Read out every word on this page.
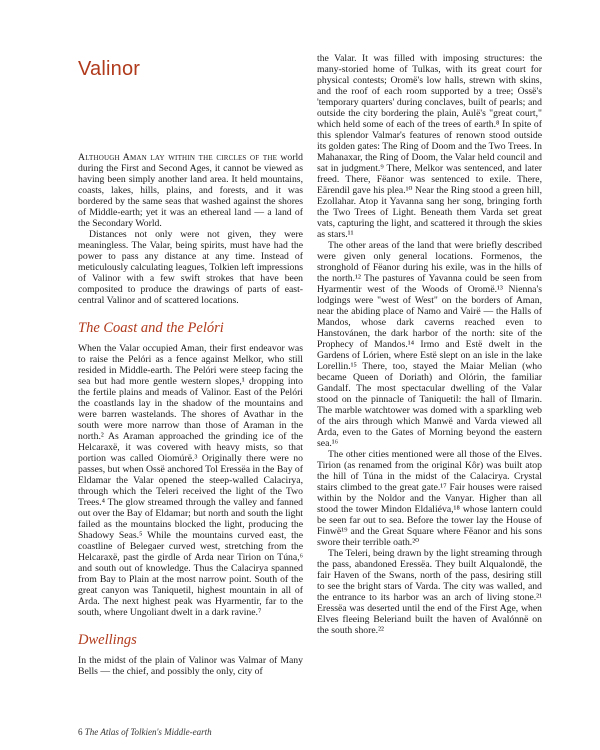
Valinor

Although Aman lay within the circles of the world during the First and Second Ages, it cannot be viewed as having been simply another land area. It held mountains, coasts, lakes, hills, plains, and forests, and it was bordered by the same seas that washed against the shores of Middle-earth; yet it was an ethereal land — a land of the Secondary World.

Distances not only were not given, they were meaningless. The Valar, being spirits, must have had the power to pass any distance at any time. Instead of meticulously calculating leagues, Tolkien left impressions of Valinor with a few swift strokes that have been composited to produce the drawings of parts of east-central Valinor and of scattered locations.

The Coast and the Pelóri

When the Valar occupied Aman, their first endeavor was to raise the Pelóri as a fence against Melkor, who still resided in Middle-earth. The Pelóri were steep facing the sea but had more gentle western slopes,¹ dropping into the fertile plains and meads of Valinor. East of the Pelóri the coastlands lay in the shadow of the mountains and were barren wastelands. The shores of Avathar in the south were more narrow than those of Araman in the north.² As Araman approached the grinding ice of the Helcaraxë, it was covered with heavy mists, so that portion was called Oiomúrë.³ Originally there were no passes, but when Ossë anchored Tol Eressëa in the Bay of Eldamar the Valar opened the steep-walled Calacirya, through which the Teleri received the light of the Two Trees.⁴ The glow streamed through the valley and fanned out over the Bay of Eldamar; but north and south the light failed as the mountains blocked the light, producing the Shadowy Seas.⁵ While the mountains curved east, the coastline of Belegaer curved west, stretching from the Helcaraxë, past the girdle of Arda near Tirion on Túna,⁶ and south out of knowledge. Thus the Calacirya spanned from Bay to Plain at the most narrow point. South of the great canyon was Taniquetil, highest mountain in all of Arda. The next highest peak was Hyarmentir, far to the south, where Ungoliant dwelt in a dark ravine.⁷

Dwellings

In the midst of the plain of Valinor was Valmar of Many Bells — the chief, and possibly the only, city of

the Valar. It was filled with imposing structures: the many-storied home of Tulkas, with its great court for physical contests; Oromë's low halls, strewn with skins, and the roof of each room supported by a tree; Ossë's 'temporary quarters' during conclaves, built of pearls; and outside the city bordering the plain, Aulë's "great court," which held some of each of the trees of earth.⁸ In spite of this splendor Valmar's features of renown stood outside its golden gates: The Ring of Doom and the Two Trees. In Mahanaxar, the Ring of Doom, the Valar held council and sat in judgment.⁹ There, Melkor was sentenced, and later freed. There, Fëanor was sentenced to exile. There, Eärendil gave his plea.¹⁰ Near the Ring stood a green hill, Ezollahar. Atop it Yavanna sang her song, bringing forth the Two Trees of Light. Beneath them Varda set great vats, capturing the light, and scattered it through the skies as stars.¹¹

The other areas of the land that were briefly described were given only general locations. Formenos, the stronghold of Fëanor during his exile, was in the hills of the north.¹² The pastures of Yavanna could be seen from Hyarmentir west of the Woods of Oromë.¹³ Nienna's lodgings were "west of West" on the borders of Aman, near the abiding place of Namo and Vairë — the Halls of Mandos, whose dark caverns reached even to Hanstovánen, the dark harbor of the north: site of the Prophecy of Mandos.¹⁴ Irmo and Estë dwelt in the Gardens of Lórien, where Estë slept on an isle in the lake Lorellin.¹⁵ There, too, stayed the Maiar Melian (who became Queen of Doriath) and Olórin, the familiar Gandalf. The most spectacular dwelling of the Valar stood on the pinnacle of Taniquetil: the hall of Ilmarin. The marble watchtower was domed with a sparkling web of the airs through which Manwë and Varda viewed all Arda, even to the Gates of Morning beyond the eastern sea.¹⁶

The other cities mentioned were all those of the Elves. Tirion (as renamed from the original Kôr) was built atop the hill of Túna in the midst of the Calacirya. Crystal stairs climbed to the great gate.¹⁷ Fair houses were raised within by the Noldor and the Vanyar. Higher than all stood the tower Mindon Eldaliéva,¹⁸ whose lantern could be seen far out to sea. Before the tower lay the House of Finwë¹⁹ and the Great Square where Fëanor and his sons swore their terrible oath.²⁰

The Teleri, being drawn by the light streaming through the pass, abandoned Eressëa. They built Alqualondë, the fair Haven of the Swans, north of the pass, desiring still to see the bright stars of Varda. The city was walled, and the entrance to its harbor was an arch of living stone.²¹ Eressëa was deserted until the end of the First Age, when Elves fleeing Beleriand built the haven of Avalónnë on the south shore.²²

6 The Atlas of Tolkien's Middle-earth
